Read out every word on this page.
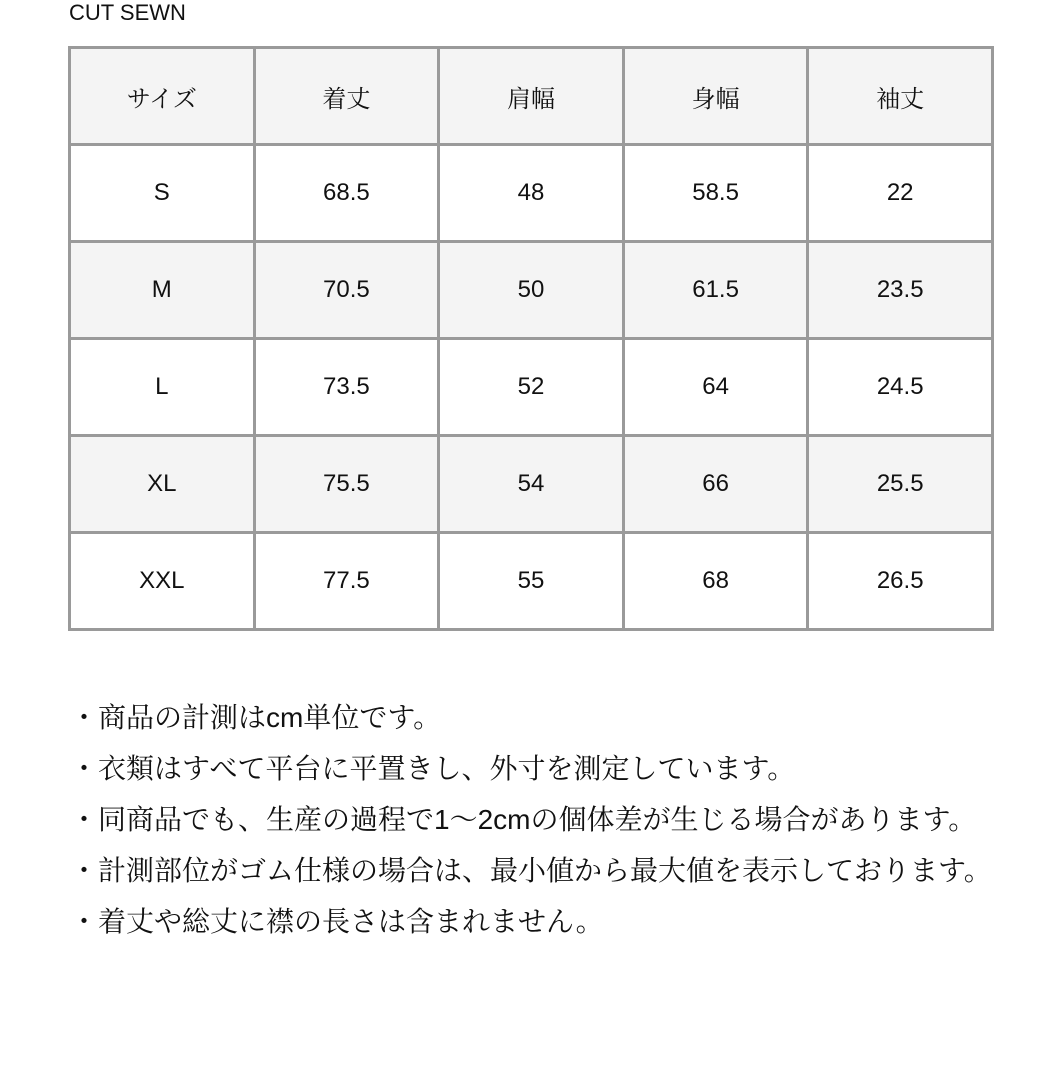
CUT SEWN
サイズ	着丈	肩幅	身幅	袖丈
S	68.5	48	58.5	22
M	70.5	50	61.5	23.5
L	73.5	52	64	24.5
XL	75.5	54	66	25.5
XXL	77.5	55	68	26.5
・商品の計測はcm単位です。
・衣類はすべて平台に平置きし、外寸を測定しています。
・同商品でも、生産の過程で1〜2cmの個体差が生じる場合があります。
・計測部位がゴム仕様の場合は、最小値から最大値を表示しております。
・着丈や総丈に襟の長さは含まれません。
